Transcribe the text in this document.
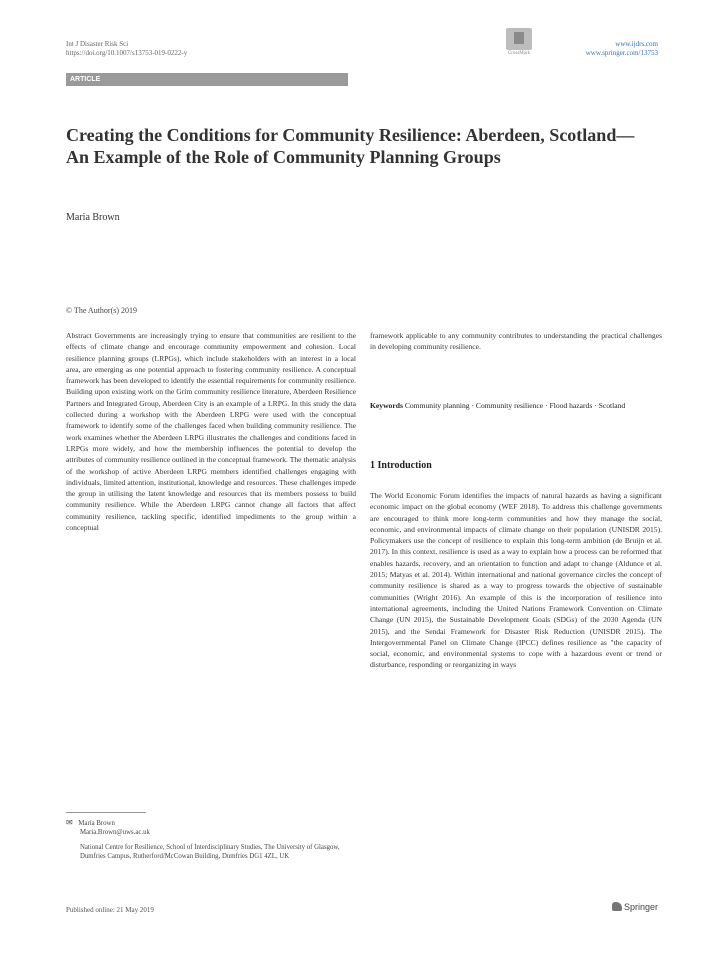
Int J Disaster Risk Sci
https://doi.org/10.1007/s13753-019-0222-y	CrossMark
www.ijdrs.com
www.springer.com/13753
ARTICLE
Creating the Conditions for Community Resilience: Aberdeen, Scotland—An Example of the Role of Community Planning Groups
Maria Brown
© The Author(s) 2019
Abstract Governments are increasingly trying to ensure that communities are resilient to the effects of climate change and encourage community empowerment and cohesion. Local resilience planning groups (LRPGs), which include stakeholders with an interest in a local area, are emerging as one potential approach to fostering community resilience. A conceptual framework has been developed to identify the essential requirements for community resilience. Building upon existing work on the Grim community resilience literature, Aberdeen Resilience Partners and Integrated Group, Aberdeen City is an example of a LRPG. In this study the data collected during a workshop with the Aberdeen LRPG were used with the conceptual framework to identify some of the challenges faced when building community resilience. The work examines whether the Aberdeen LRPG illustrates the challenges and conditions faced in LRPGs more widely, and how the membership influences the potential to develop the attributes of community resilience outlined in the conceptual framework. The thematic analysis of the workshop of active Aberdeen LRPG members identified challenges engaging with individuals, limited attention, institutional, knowledge and resources. These challenges impede the group in utilising the latent knowledge and resources that its members possess to build community resilience. While the Aberdeen LRPG cannot change all factors that affect community resilience, tackling specific, identified impediments to the group within a conceptual
framework applicable to any community contributes to understanding the practical challenges in developing community resilience.
Keywords Community planning · Community resilience · Flood hazards · Scotland
1 Introduction
The World Economic Forum identifies the impacts of natural hazards as having a significant economic impact on the global economy (WEF 2018). To address this challenge governments are encouraged to think more long-term communities and how they manage the social, economic, and environmental impacts of climate change on their population (UNISDR 2015). Policymakers use the concept of resilience to explain this long-term ambition (de Bruijn et al. 2017). In this context, resilience is used as a way to explain how a process can be reformed that enables hazards, recovery, and an orientation to function and adapt to change (Aldunce et al. 2015; Matyas et al. 2014). Within international and national governance circles the concept of community resilience is shared as a way to progress towards the objective of sustainable communities (Wright 2016). An example of this is the incorporation of resilience into international agreements, including the United Nations Framework Convention on Climate Change (UN 2015), the Sustainable Development Goals (SDGs) of the 2030 Agenda (UN 2015), and the Sendai Framework for Disaster Risk Reduction (UNISDR 2015). The Intergovernmental Panel on Climate Change (IPCC) defines resilience as "the capacity of social, economic, and environmental systems to cope with a hazardous event or trend or disturbance, responding or reorganizing in ways

✉ Maria Brown
Maria.Brown@uws.ac.uk

National Centre for Resilience, School of Interdisciplinary Studies, The University of Glasgow, Dumfries Campus, Rutherford/McCowan Building, Dumfries DG1 4ZL, UK

Published online: 21 May 2019	Springer
